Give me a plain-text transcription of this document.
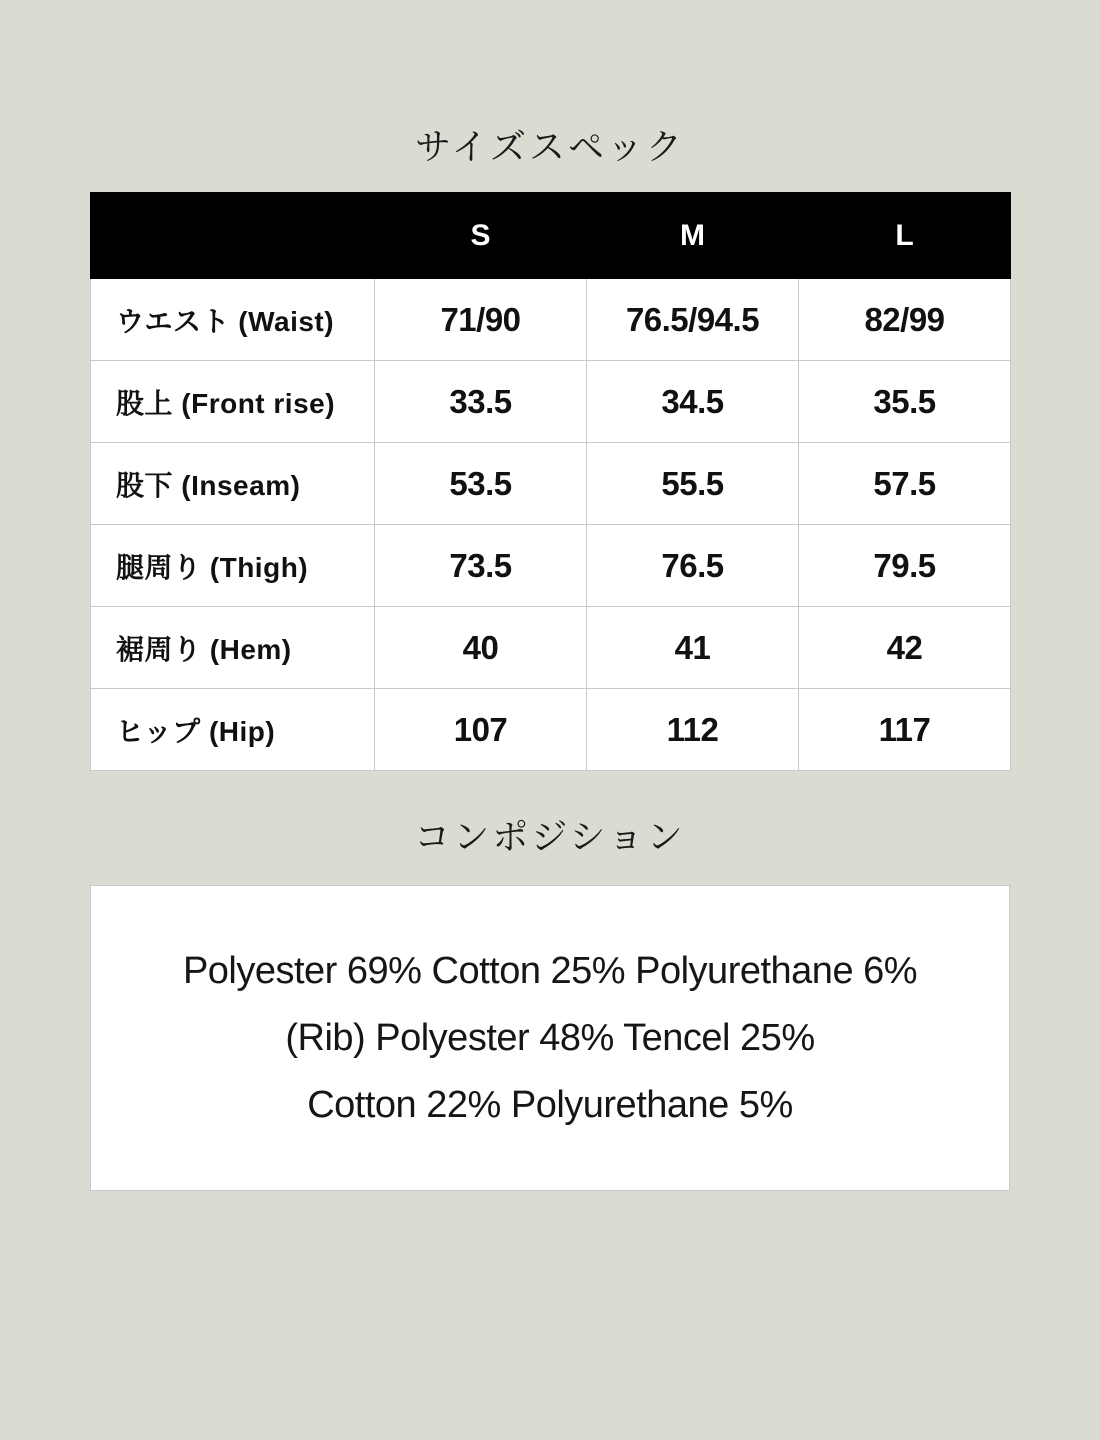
サイズスペック
	S	M	L
ウエスト (Waist)	71/90	76.5/94.5	82/99
股上 (Front rise)	33.5	34.5	35.5
股下 (Inseam)	53.5	55.5	57.5
腿周り (Thigh)	73.5	76.5	79.5
裾周り (Hem)	40	41	42
ヒップ (Hip)	107	112	117
コンポジション
Polyester 69% Cotton 25% Polyurethane 6%
(Rib) Polyester 48% Tencel 25%
Cotton 22% Polyurethane 5%
